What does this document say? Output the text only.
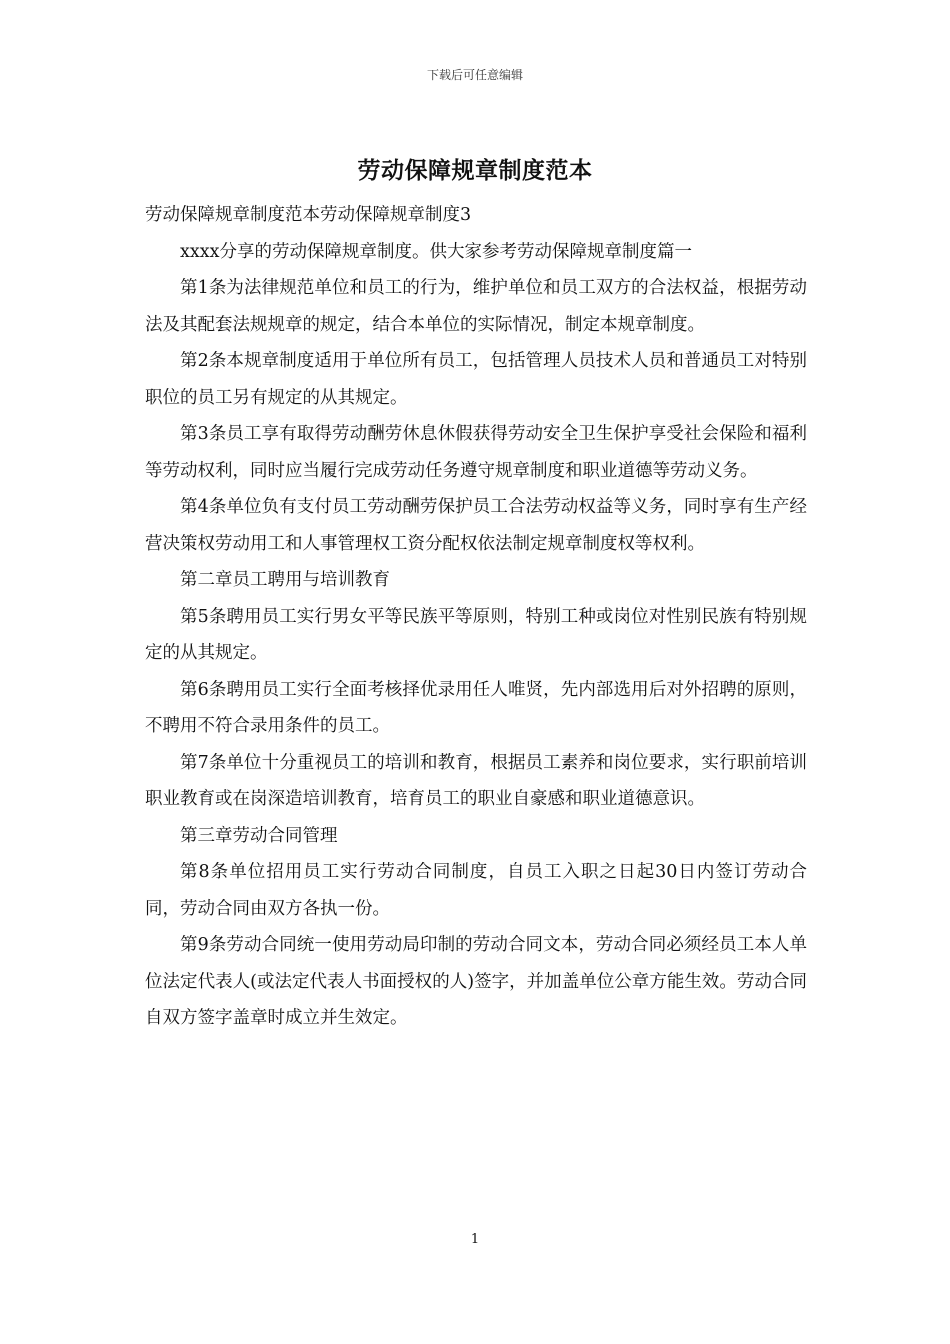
下载后可任意编辑
劳动保障规章制度范本

劳动保障规章制度范本劳动保障规章制度3

xxxx分享的劳动保障规章制度。供大家参考劳动保障规章制度篇一

第1条为法律规范单位和员工的行为，维护单位和员工双方的合法权益，根据劳动法及其配套法规规章的规定，结合本单位的实际情况，制定本规章制度。

第2条本规章制度适用于单位所有员工，包括管理人员技术人员和普通员工对特别职位的员工另有规定的从其规定。

第3条员工享有取得劳动酬劳休息休假获得劳动安全卫生保护享受社会保险和福利等劳动权利，同时应当履行完成劳动任务遵守规章制度和职业道德等劳动义务。

第4条单位负有支付员工劳动酬劳保护员工合法劳动权益等义务，同时享有生产经营决策权劳动用工和人事管理权工资分配权依法制定规章制度权等权利。

第二章员工聘用与培训教育

第5条聘用员工实行男女平等民族平等原则，特别工种或岗位对性别民族有特别规定的从其规定。

第6条聘用员工实行全面考核择优录用任人唯贤，先内部选用后对外招聘的原则，不聘用不符合录用条件的员工。

第7条单位十分重视员工的培训和教育，根据员工素养和岗位要求，实行职前培训职业教育或在岗深造培训教育，培育员工的职业自豪感和职业道德意识。

第三章劳动合同管理

第8条单位招用员工实行劳动合同制度，自员工入职之日起30日内签订劳动合同，劳动合同由双方各执一份。

第9条劳动合同统一使用劳动局印制的劳动合同文本，劳动合同必须经员工本人单位法定代表人(或法定代表人书面授权的人)签字，并加盖单位公章方能生效。劳动合同自双方签字盖章时成立并生效定。

1
